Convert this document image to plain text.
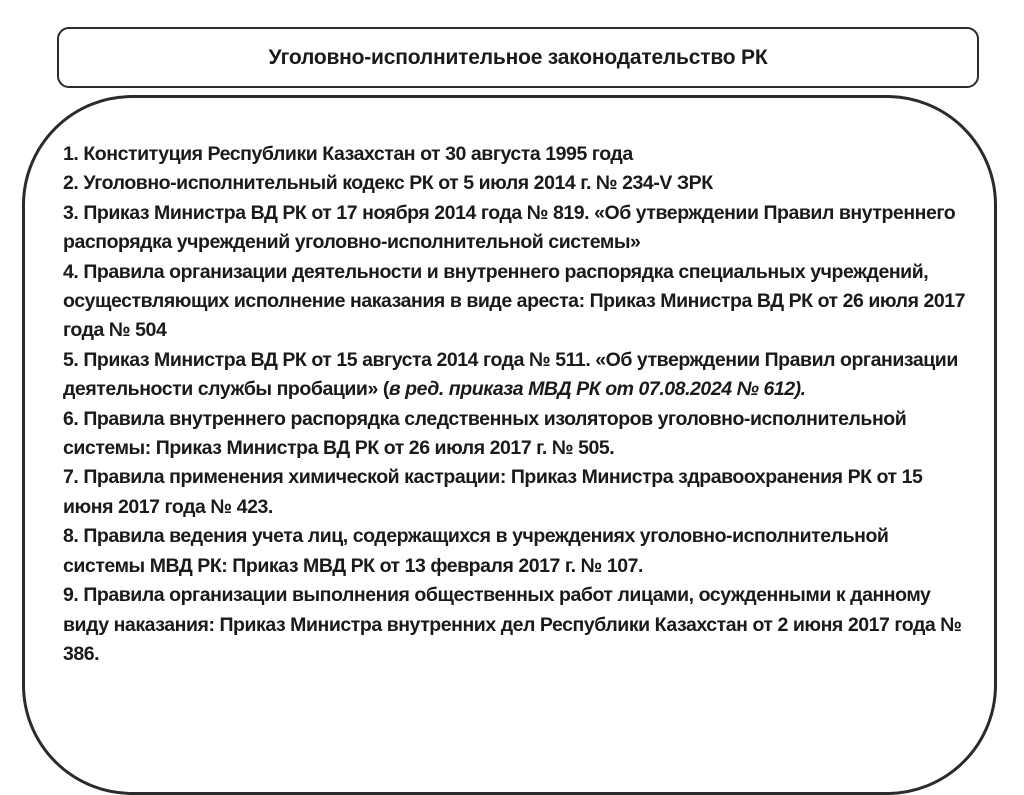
Уголовно-исполнительное законодательство РК
1. Конституция Республики Казахстан от 30 августа 1995 года
2. Уголовно-исполнительный кодекс РК от 5 июля 2014 г. № 234-V ЗРК
3. Приказ Министра ВД РК от 17 ноября 2014 года № 819. «Об утверждении Правил внутреннего распорядка учреждений уголовно-исполнительной системы»
4. Правила организации деятельности и внутреннего распорядка специальных учреждений, осуществляющих исполнение наказания в виде ареста: Приказ Министра ВД РК от 26 июля 2017 года № 504
5. Приказ Министра ВД РК от 15 августа 2014 года № 511. «Об утверждении Правил организации деятельности службы пробации» (в ред. приказа МВД РК от 07.08.2024 № 612).
6. Правила внутреннего распорядка следственных изоляторов уголовно-исполнительной системы: Приказ Министра ВД РК от 26 июля 2017 г. № 505.
7. Правила применения химической кастрации: Приказ Министра здравоохранения РК от 15 июня 2017 года № 423.
8. Правила ведения учета лиц, содержащихся в учреждениях уголовно-исполнительной системы МВД РК: Приказ МВД РК от 13 февраля 2017 г. № 107.
9. Правила организации выполнения общественных работ лицами, осужденными к данному виду наказания: Приказ Министра внутренних дел Республики Казахстан от 2 июня 2017 года № 386.
